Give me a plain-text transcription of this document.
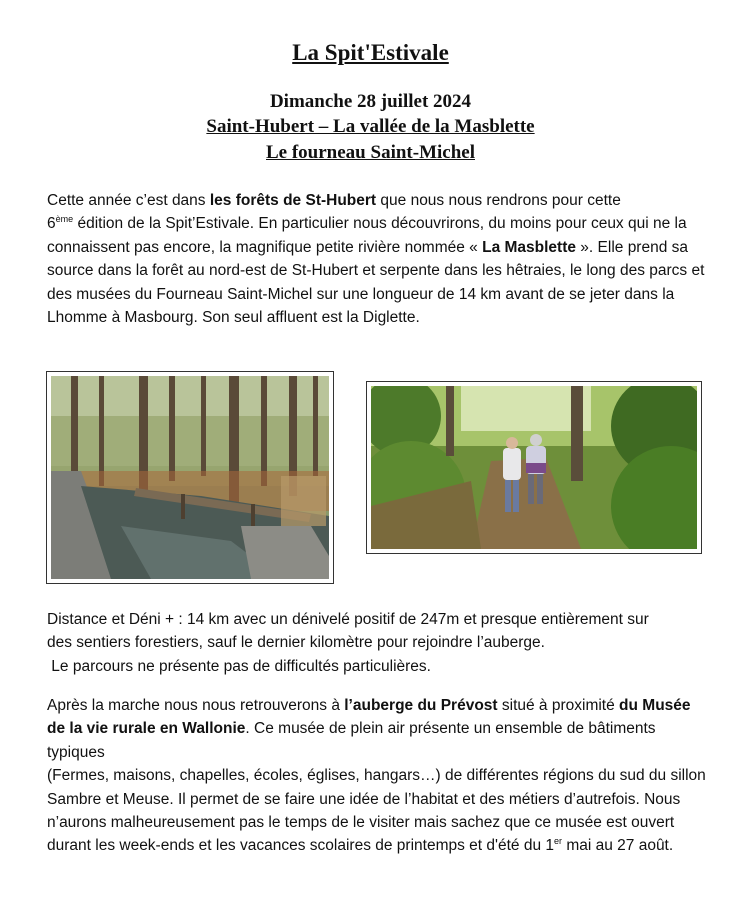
La Spit'Estivale
Dimanche 28 juillet 2024
Saint-Hubert – La vallée de la Masblette
Le fourneau Saint-Michel

Cette année c’est dans les forêts de St-Hubert que nous nous rendrons pour cette
6ème édition de la Spit’Estivale. En particulier nous découvrirons, du moins pour ceux qui ne la connaissent pas encore, la magnifique petite rivière nommée « La Masblette ». Elle prend sa source dans la forêt au nord-est de St-Hubert et serpente dans les hêtraies, le long des parcs et des musées du Fourneau Saint-Michel sur une longueur de 14 km avant de se jeter dans la Lhomme à Masbourg. Son seul affluent est la Diglette.

Distance et Déni + : 14 km avec un dénivelé positif de 247m et presque entièrement sur

des sentiers forestiers, sauf le dernier kilomètre pour rejoindre l’auberge.

Le parcours ne présente pas de difficultés particulières.

Après la marche nous nous retrouverons à l’auberge du Prévost situé à proximité du Musée de la vie rurale en Wallonie. Ce musée de plein air présente un ensemble de bâtiments typiques
(Fermes, maisons, chapelles, écoles, églises, hangars…) de différentes régions du sud du sillon Sambre et Meuse. Il permet de se faire une idée de l’habitat et des métiers d’autrefois. Nous n’aurons malheureusement pas le temps de le visiter mais sachez que ce musée est ouvert durant les week-ends et les vacances scolaires de printemps et d'été du 1er mai au 27 août.
